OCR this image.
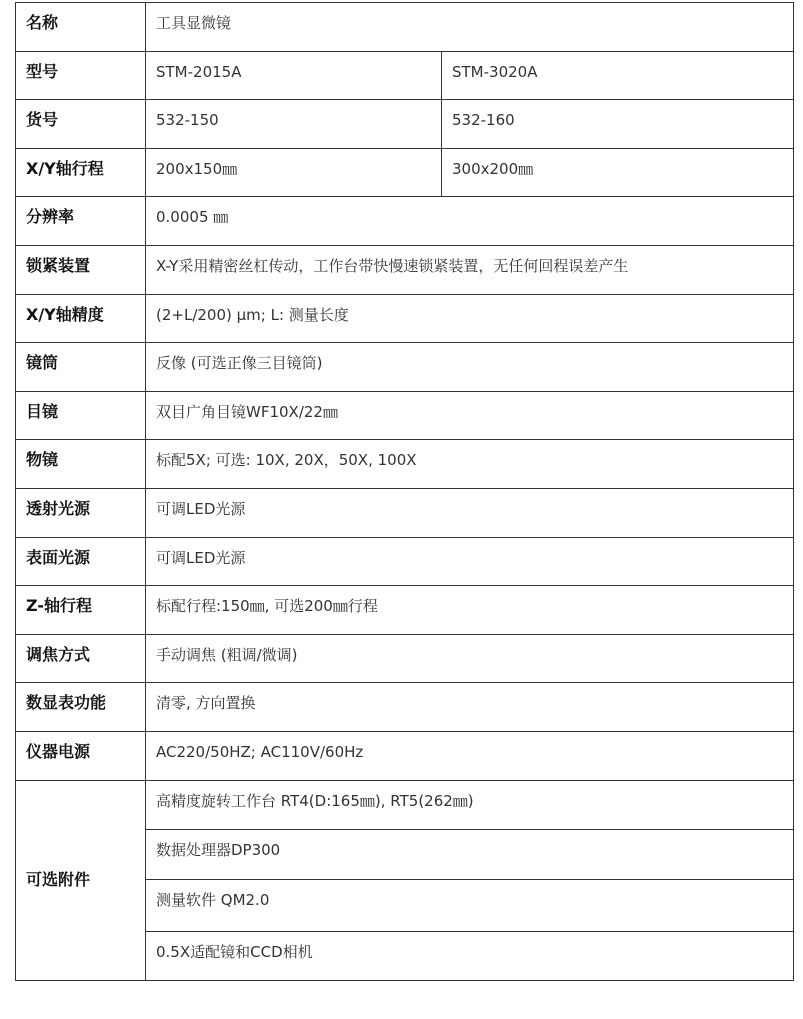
名称	工具显微镜	
型号	STM-2015A	STM-3020A
货号	532-150	532-160
X/Y轴行程	200x150㎜	300x200㎜
分辨率	0.0005 ㎜	
锁紧装置	X-Y采用精密丝杠传动，工作台带快慢速锁紧装置，无任何回程误差产生	
X/Y轴精度	(2+L/200) μm; L: 测量长度	
镜筒	反像 (可选正像三目镜筒)	
目镜	双目广角目镜WF10X/22㎜	
物镜	标配5X; 可选: 10X, 20X，50X, 100X	
透射光源	可调LED光源	
表面光源	可调LED光源	
Z-轴行程	标配行程:150㎜, 可选200㎜行程	
调焦方式	手动调焦 (粗调/微调)	
数显表功能	清零, 方向置换	
仪器电源	AC220/50HZ; AC110V/60Hz	
可选附件	高精度旋转工作台 RT4(D:165㎜), RT5(262㎜)	
	数据处理器DP300	
	测量软件 QM2.0	
	0.5X适配镜和CCD相机	
